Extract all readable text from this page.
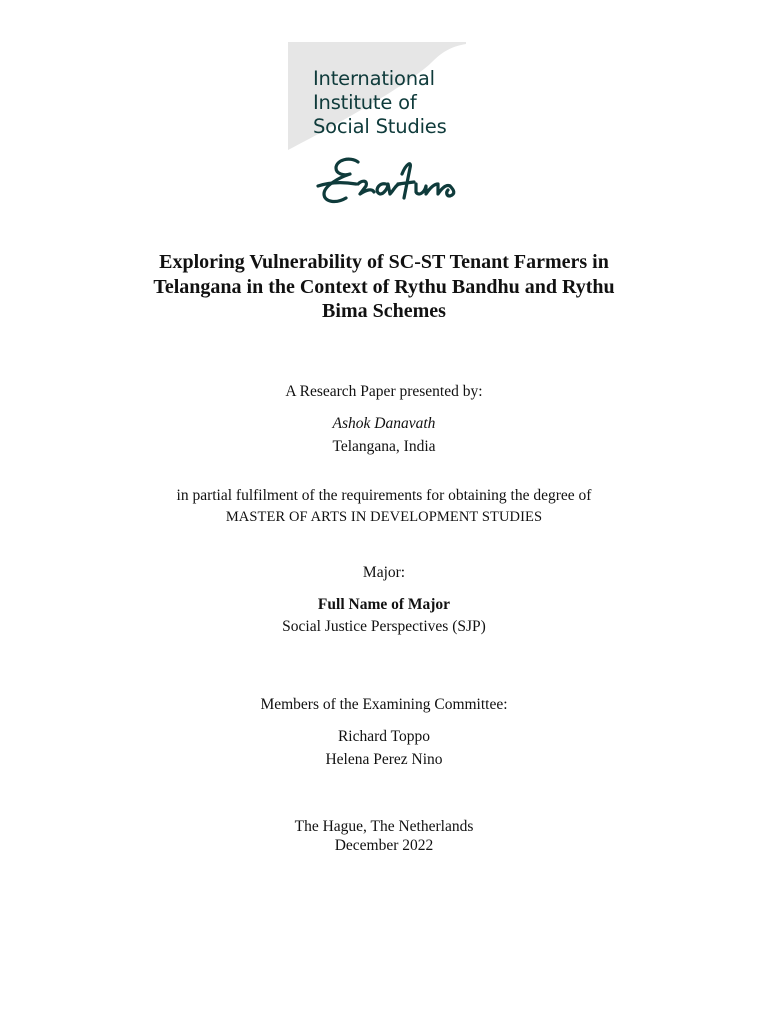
International
Institute of
Social Studies
Exploring Vulnerability of SC-ST Tenant Farmers in
Telangana in the Context of Rythu Bandhu and Rythu
Bima Schemes
A Research Paper presented by:
Ashok Danavath
Telangana, India
in partial fulfilment of the requirements for obtaining the degree of
MASTER OF ARTS IN DEVELOPMENT STUDIES
Major:
Full Name of Major
Social Justice Perspectives (SJP)
Members of the Examining Committee:
Richard Toppo
Helena Perez Nino
The Hague, The Netherlands
December 2022
